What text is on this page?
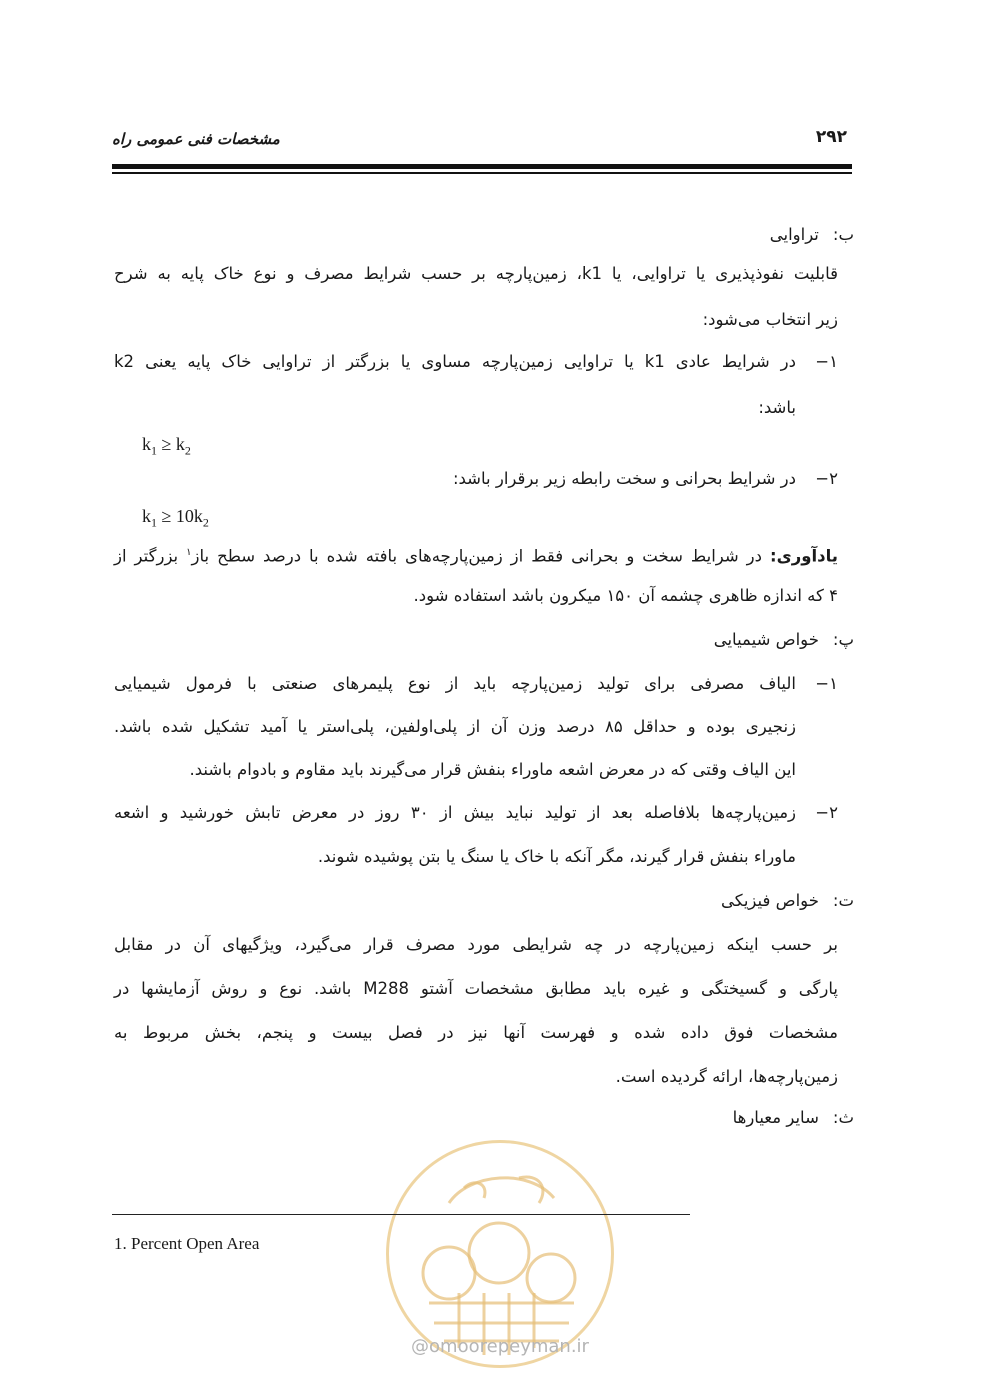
۲۹۲
مشخصات فنی عمومی راه
ب:
تراوایی
قابلیت نفوذپذیری یا تراوایی، یا k1، زمین‌پارچه بر حسب شرایط مصرف و نوع خاک پایه به شرح
زیر انتخاب می‌شود:
۱−
در شرایط عادی k1 یا تراوایی زمین‌پارچه مساوی یا بزرگتر از تراوایی خاک پایه یعنی k2
باشد:
$k_1 \ge k_2$
۲−
در شرایط بحرانی و سخت رابطه زیر برقرار باشد:
$k_1 \ge 10k_2$
یادآوری: در شرایط سخت و بحرانی فقط از زمین‌پارچه‌های بافته شده با درصد سطح باز$^۱$ بزرگتر از
۴ که اندازه ظاهری چشمه آن ۱۵۰ میکرون باشد استفاده شود.
پ:
خواص شیمیایی
۱−
الیاف مصرفی برای تولید زمین‌پارچه باید از نوع پلیمرهای صنعتی با فرمول شیمیایی
زنجیری بوده و حداقل ۸۵ درصد وزن آن از پلی‌اولفین، پلی‌استر یا آمید تشکیل شده باشد.
این الیاف وقتی که در معرض اشعه ماوراء بنفش قرار می‌گیرند باید مقاوم و بادوام باشند.
۲−
زمین‌پارچه‌ها بلافاصله بعد از تولید نباید بیش از ۳۰ روز در معرض تابش خورشید و اشعه
ماوراء بنفش قرار گیرند، مگر آنکه با خاک یا سنگ یا بتن پوشیده شوند.
ت:
خواص فیزیکی
بر حسب اینکه زمین‌پارچه در چه شرایطی مورد مصرف قرار می‌گیرد، ویژگیهای آن در مقابل
پارگی و گسیختگی و غیره باید مطابق مشخصات آشتو M288 باشد. نوع و روش آزمایشها در
مشخصات فوق داده شده و فهرست آنها نیز در فصل بیست و پنجم، بخش مربوط به
زمین‌پارچه‌ها، ارائه گردیده است.
ث:
سایر معیارها
@omoorepeyman.ir
1. Percent Open Area
